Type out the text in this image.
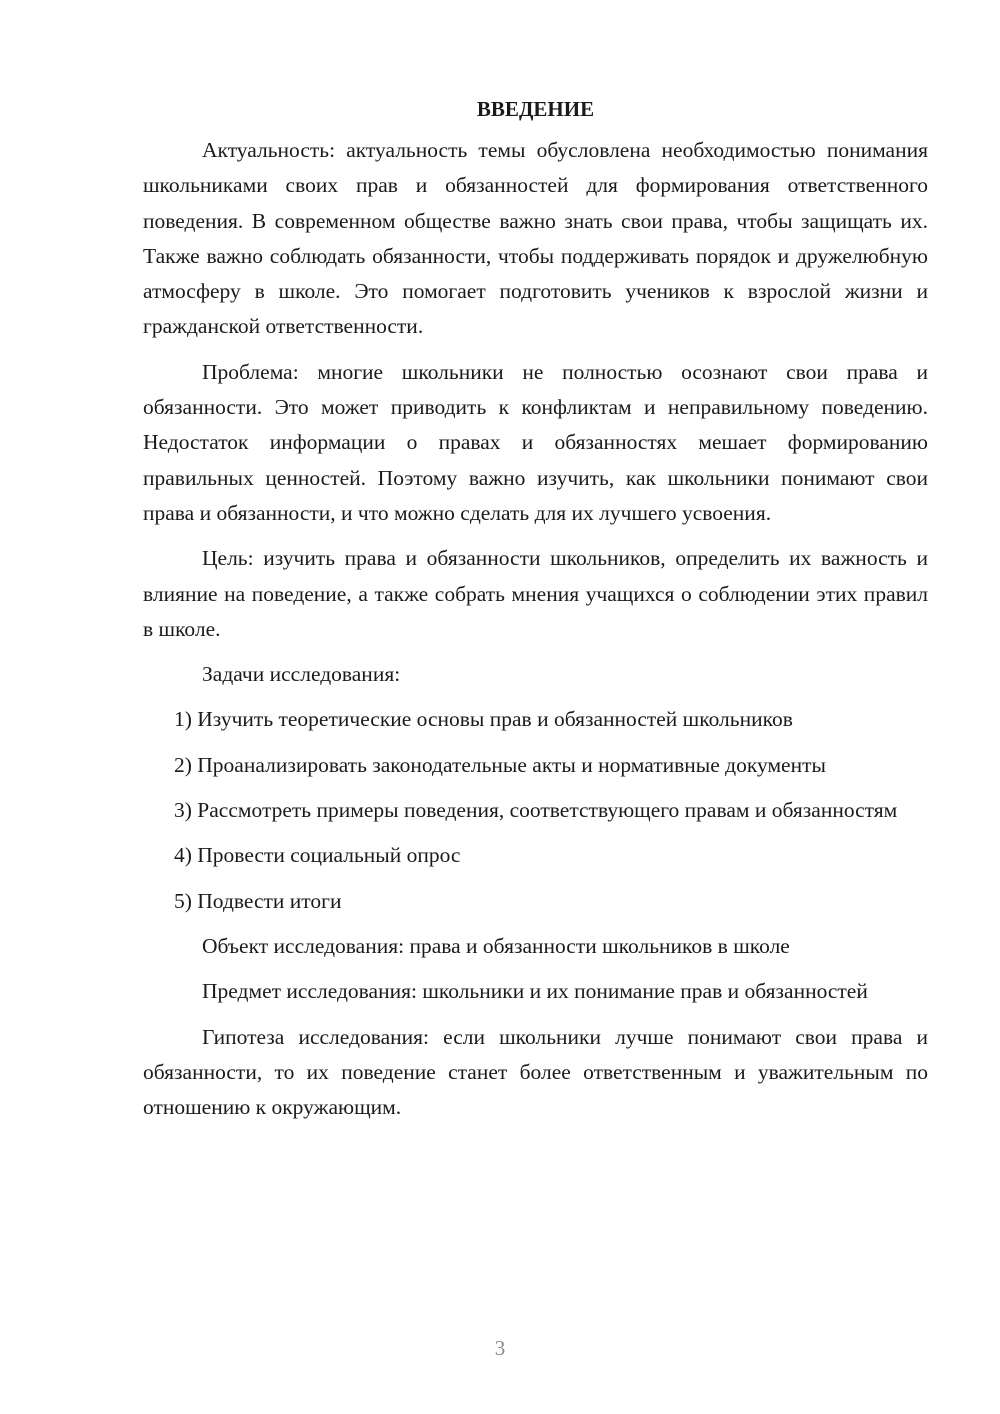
ВВЕДЕНИЕ

Актуальность: актуальность темы обусловлена необходимостью понимания школьниками своих прав и обязанностей для формирования ответственного поведения. В современном обществе важно знать свои права, чтобы защищать их. Также важно соблюдать обязанности, чтобы поддерживать порядок и дружелюбную атмосферу в школе. Это помогает подготовить учеников к взрослой жизни и гражданской ответственности.

Проблема: многие школьники не полностью осознают свои права и обязанности. Это может приводить к конфликтам и неправильному поведению. Недостаток информации о правах и обязанностях мешает формированию правильных ценностей. Поэтому важно изучить, как школьники понимают свои права и обязанности, и что можно сделать для их лучшего усвоения.

Цель: изучить права и обязанности школьников, определить их важность и влияние на поведение, а также собрать мнения учащихся о соблюдении этих правил в школе.

Задачи исследования:

1) Изучить теоретические основы прав и обязанностей школьников

2) Проанализировать законодательные акты и нормативные документы

3) Рассмотреть примеры поведения, соответствующего правам и обязанностям

4) Провести социальный опрос

5) Подвести итоги

Объект исследования: права и обязанности школьников в школе

Предмет исследования: школьники и их понимание прав и обязанностей

Гипотеза исследования: если школьники лучше понимают свои права и обязанности, то их поведение станет более ответственным и уважительным по отношению к окружающим.

3
